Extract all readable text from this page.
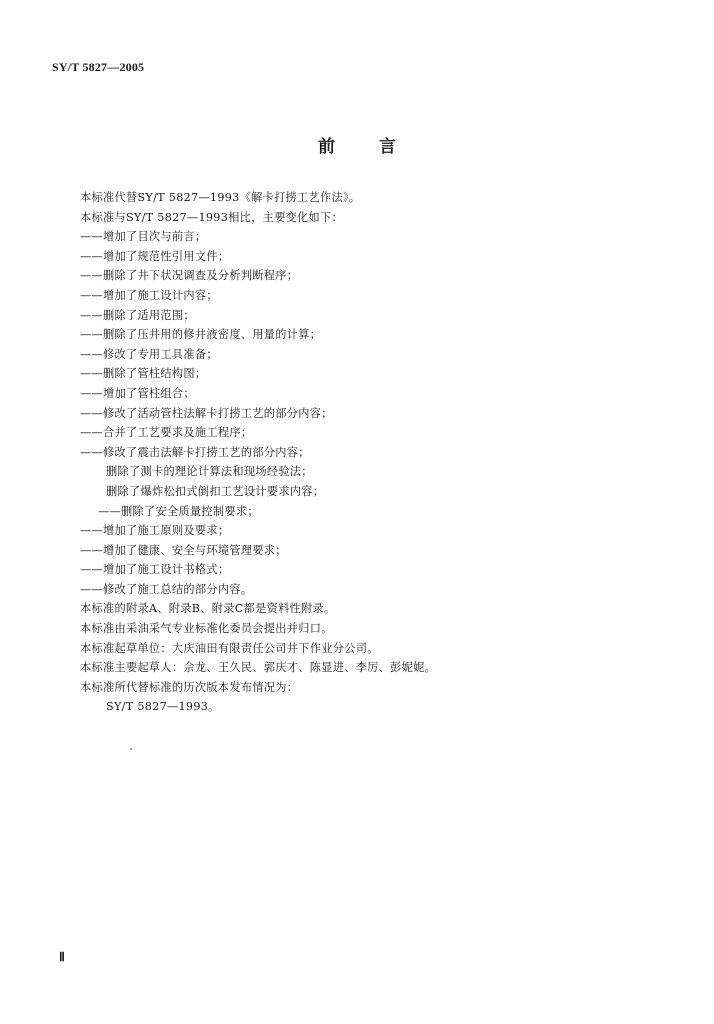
SY/T 5827—2005
前	言
本标准代替SY/T 5827—1993《解卡打捞工艺作法》。
本标准与SY/T 5827—1993相比，主要变化如下：
——增加了目次与前言；
——增加了规范性引用文件；
——删除了井下状况调查及分析判断程序；
——增加了施工设计内容；
——删除了适用范围；
——删除了压井用的修井液密度、用量的计算；
——修改了专用工具准备；
——删除了管柱结构图；
——增加了管柱组合；
——修改了活动管柱法解卡打捞工艺的部分内容；
——合并了工艺要求及施工程序；
——修改了震击法解卡打捞工艺的部分内容；
删除了测卡的理论计算法和现场经验法；
删除了爆炸松扣式倒扣工艺设计要求内容；
——删除了安全质量控制要求；
——增加了施工原则及要求；
——增加了健康、安全与环境管理要求；
——增加了施工设计书格式；
——修改了施工总结的部分内容。
本标准的附录A、附录B、附录C都是资料性附录。
本标准由采油采气专业标准化委员会提出并归口。
本标准起草单位：大庆油田有限责任公司井下作业分公司。
本标准主要起草人：佘龙、王久民、郭庆才、陈显进、李厉、彭妮妮。
本标准所代替标准的历次版本发布情况为：
SY/T 5827—1993。
Ⅱ
